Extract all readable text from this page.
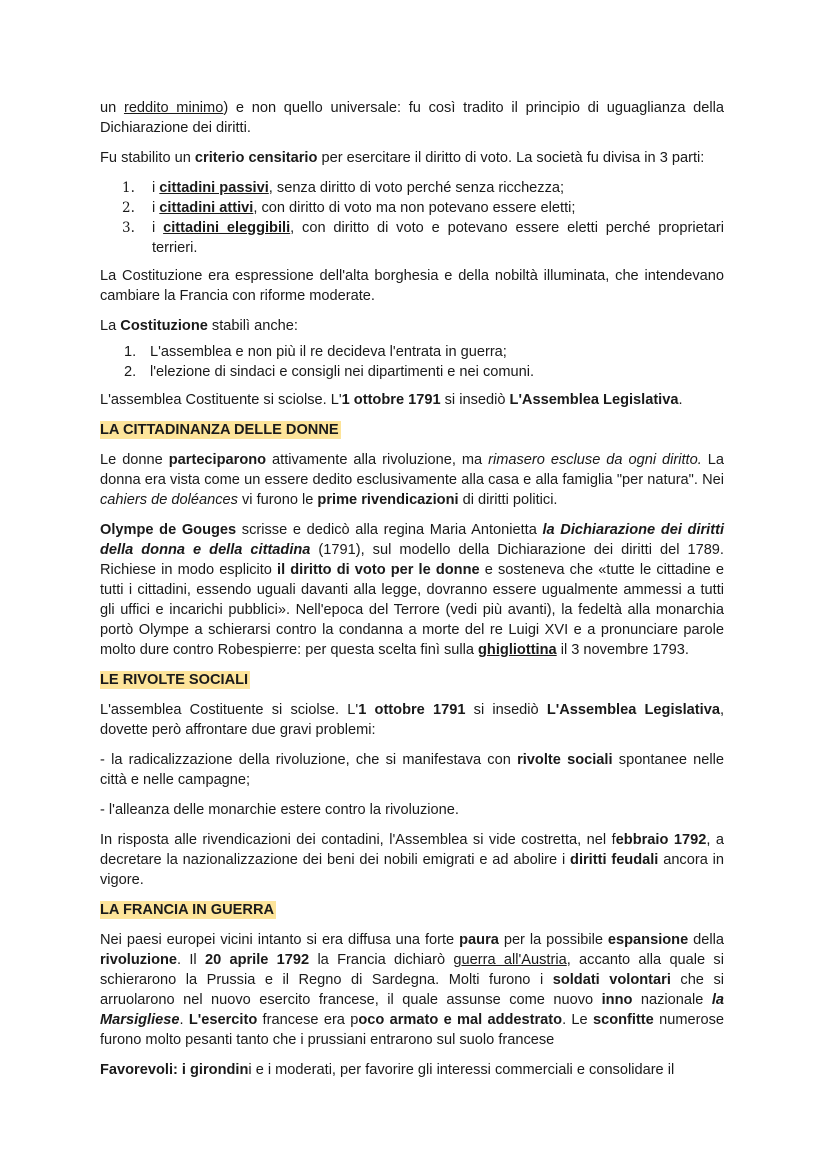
un reddito minimo) e non quello universale: fu così tradito il principio di uguaglianza della Dichiarazione dei diritti.

Fu stabilito un criterio censitario per esercitare il diritto di voto. La società fu divisa in 3 parti:

1. i cittadini passivi, senza diritto di voto perché senza ricchezza;
2. i cittadini attivi, con diritto di voto ma non potevano essere eletti;
3. i cittadini eleggibili, con diritto di voto e potevano essere eletti perché proprietari terrieri.

La Costituzione era espressione dell'alta borghesia e della nobiltà illuminata, che intendevano cambiare la Francia con riforme moderate.

La Costituzione stabilì anche:

1. L'assemblea e non più il re decideva l'entrata in guerra;
2. l'elezione di sindaci e consigli nei dipartimenti e nei comuni.

L'assemblea Costituente si sciolse. L'1 ottobre 1791 si insediò L'Assemblea Legislativa.

LA CITTADINANZA DELLE DONNE

Le donne parteciparono attivamente alla rivoluzione, ma rimasero escluse da ogni diritto. La donna era vista come un essere dedito esclusivamente alla casa e alla famiglia "per natura". Nei cahiers de doléances vi furono le prime rivendicazioni di diritti politici.

Olympe de Gouges scrisse e dedicò alla regina Maria Antonietta la Dichiarazione dei diritti della donna e della cittadina (1791), sul modello della Dichiarazione dei diritti del 1789. Richiese in modo esplicito il diritto di voto per le donne e sosteneva che «tutte le cittadine e tutti i cittadini, essendo uguali davanti alla legge, dovranno essere ugualmente ammessi a tutti gli uffici e incarichi pubblici». Nell'epoca del Terrore (vedi più avanti), la fedeltà alla monarchia portò Olympe a schierarsi contro la condanna a morte del re Luigi XVI e a pronunciare parole molto dure contro Robespierre: per questa scelta finì sulla ghigliottina il 3 novembre 1793.

LE RIVOLTE SOCIALI

L'assemblea Costituente si sciolse. L'1 ottobre 1791 si insediò L'Assemblea Legislativa, dovette però affrontare due gravi problemi:

- la radicalizzazione della rivoluzione, che si manifestava con rivolte sociali spontanee nelle città e nelle campagne;

- l'alleanza delle monarchie estere contro la rivoluzione.

In risposta alle rivendicazioni dei contadini, l'Assemblea si vide costretta, nel febbraio 1792, a decretare la nazionalizzazione dei beni dei nobili emigrati e ad abolire i diritti feudali ancora in vigore.

LA FRANCIA IN GUERRA

Nei paesi europei vicini intanto si era diffusa una forte paura per la possibile espansione della rivoluzione. Il 20 aprile 1792 la Francia dichiarò guerra all'Austria, accanto alla quale si schierarono la Prussia e il Regno di Sardegna. Molti furono i soldati volontari che si arruolarono nel nuovo esercito francese, il quale assunse come nuovo inno nazionale la Marsigliese. L'esercito francese era poco armato e mal addestrato. Le sconfitte numerose furono molto pesanti tanto che i prussiani entrarono sul suolo francese

Favorevoli: i girondini e i moderati, per favorire gli interessi commerciali e consolidare il
